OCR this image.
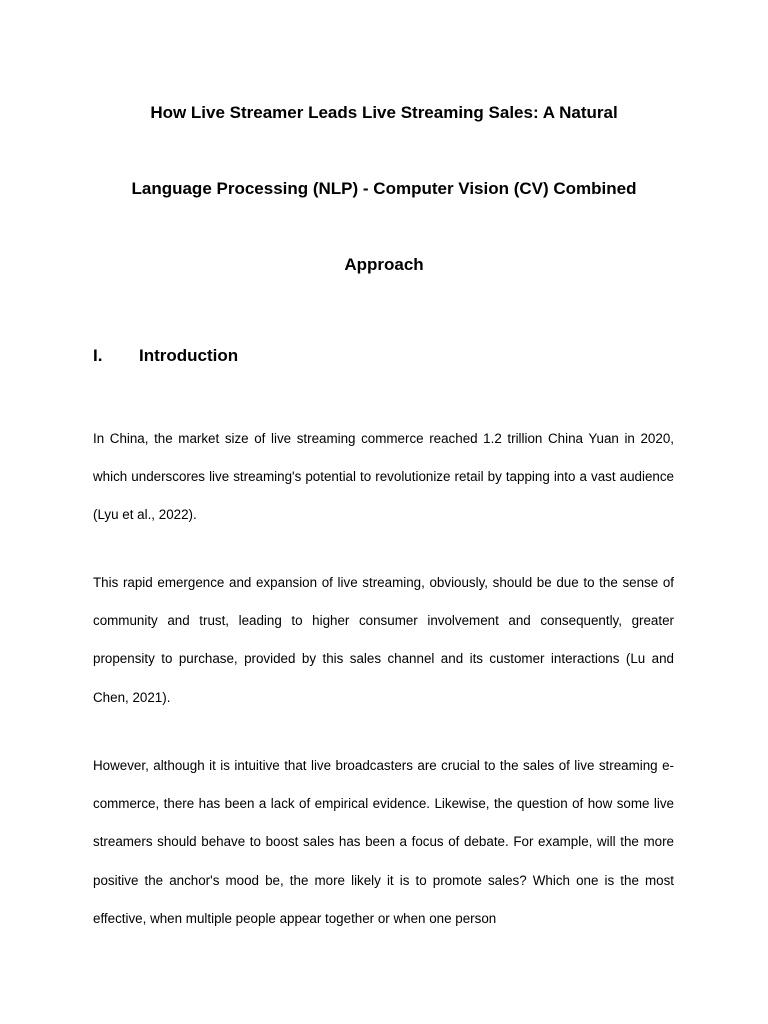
How Live Streamer Leads Live Streaming Sales: A Natural
Language Processing (NLP) - Computer Vision (CV) Combined
Approach
I. Introduction

In China, the market size of live streaming commerce reached 1.2 trillion China Yuan in 2020, which underscores live streaming's potential to revolutionize retail by tapping into a vast audience (Lyu et al., 2022).

This rapid emergence and expansion of live streaming, obviously, should be due to the sense of community and trust, leading to higher consumer involvement and consequently, greater propensity to purchase, provided by this sales channel and its customer interactions (Lu and Chen, 2021).

However, although it is intuitive that live broadcasters are crucial to the sales of live streaming e-commerce, there has been a lack of empirical evidence. Likewise, the question of how some live streamers should behave to boost sales has been a focus of debate. For example, will the more positive the anchor's mood be, the more likely it is to promote sales? Which one is the most effective, when multiple people appear together or when one person
